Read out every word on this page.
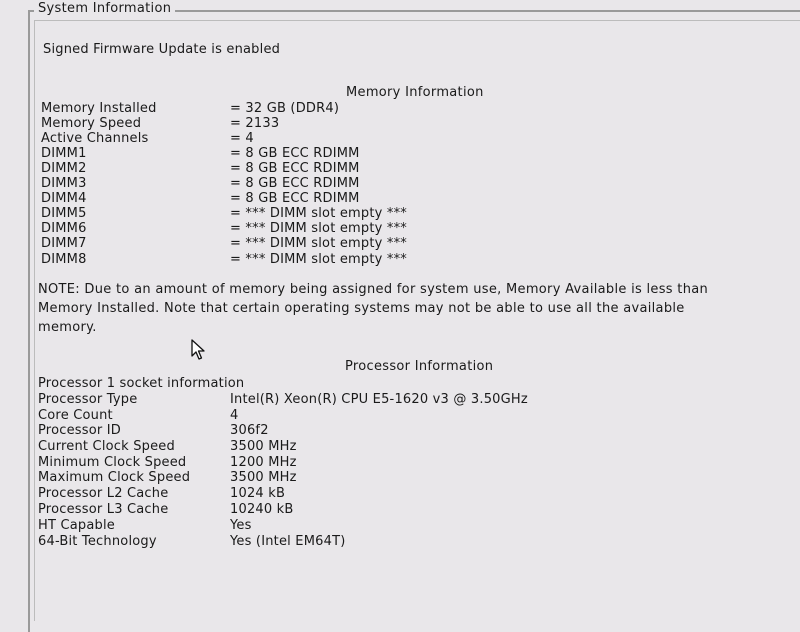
System Information
Signed Firmware Update is enabled
Memory Information
Memory Installed	= 32 GB (DDR4)
Memory Speed	= 2133
Active Channels	= 4
DIMM1	= 8 GB ECC RDIMM
DIMM2	= 8 GB ECC RDIMM
DIMM3	= 8 GB ECC RDIMM
DIMM4	= 8 GB ECC RDIMM
DIMM5	= *** DIMM slot empty ***
DIMM6	= *** DIMM slot empty ***
DIMM7	= *** DIMM slot empty ***
DIMM8	= *** DIMM slot empty ***
NOTE: Due to an amount of memory being assigned for system use, Memory Available is less than Memory Installed. Note that certain operating systems may not be able to use all the available memory.
Processor Information
Processor 1 socket information
Processor Type	Intel(R) Xeon(R) CPU E5-1620 v3 @ 3.50GHz
Core Count	4
Processor ID	306f2
Current Clock Speed	3500 MHz
Minimum Clock Speed	1200 MHz
Maximum Clock Speed	3500 MHz
Processor L2 Cache	1024 kB
Processor L3 Cache	10240 kB
HT Capable	Yes
64-Bit Technology	Yes (Intel EM64T)
